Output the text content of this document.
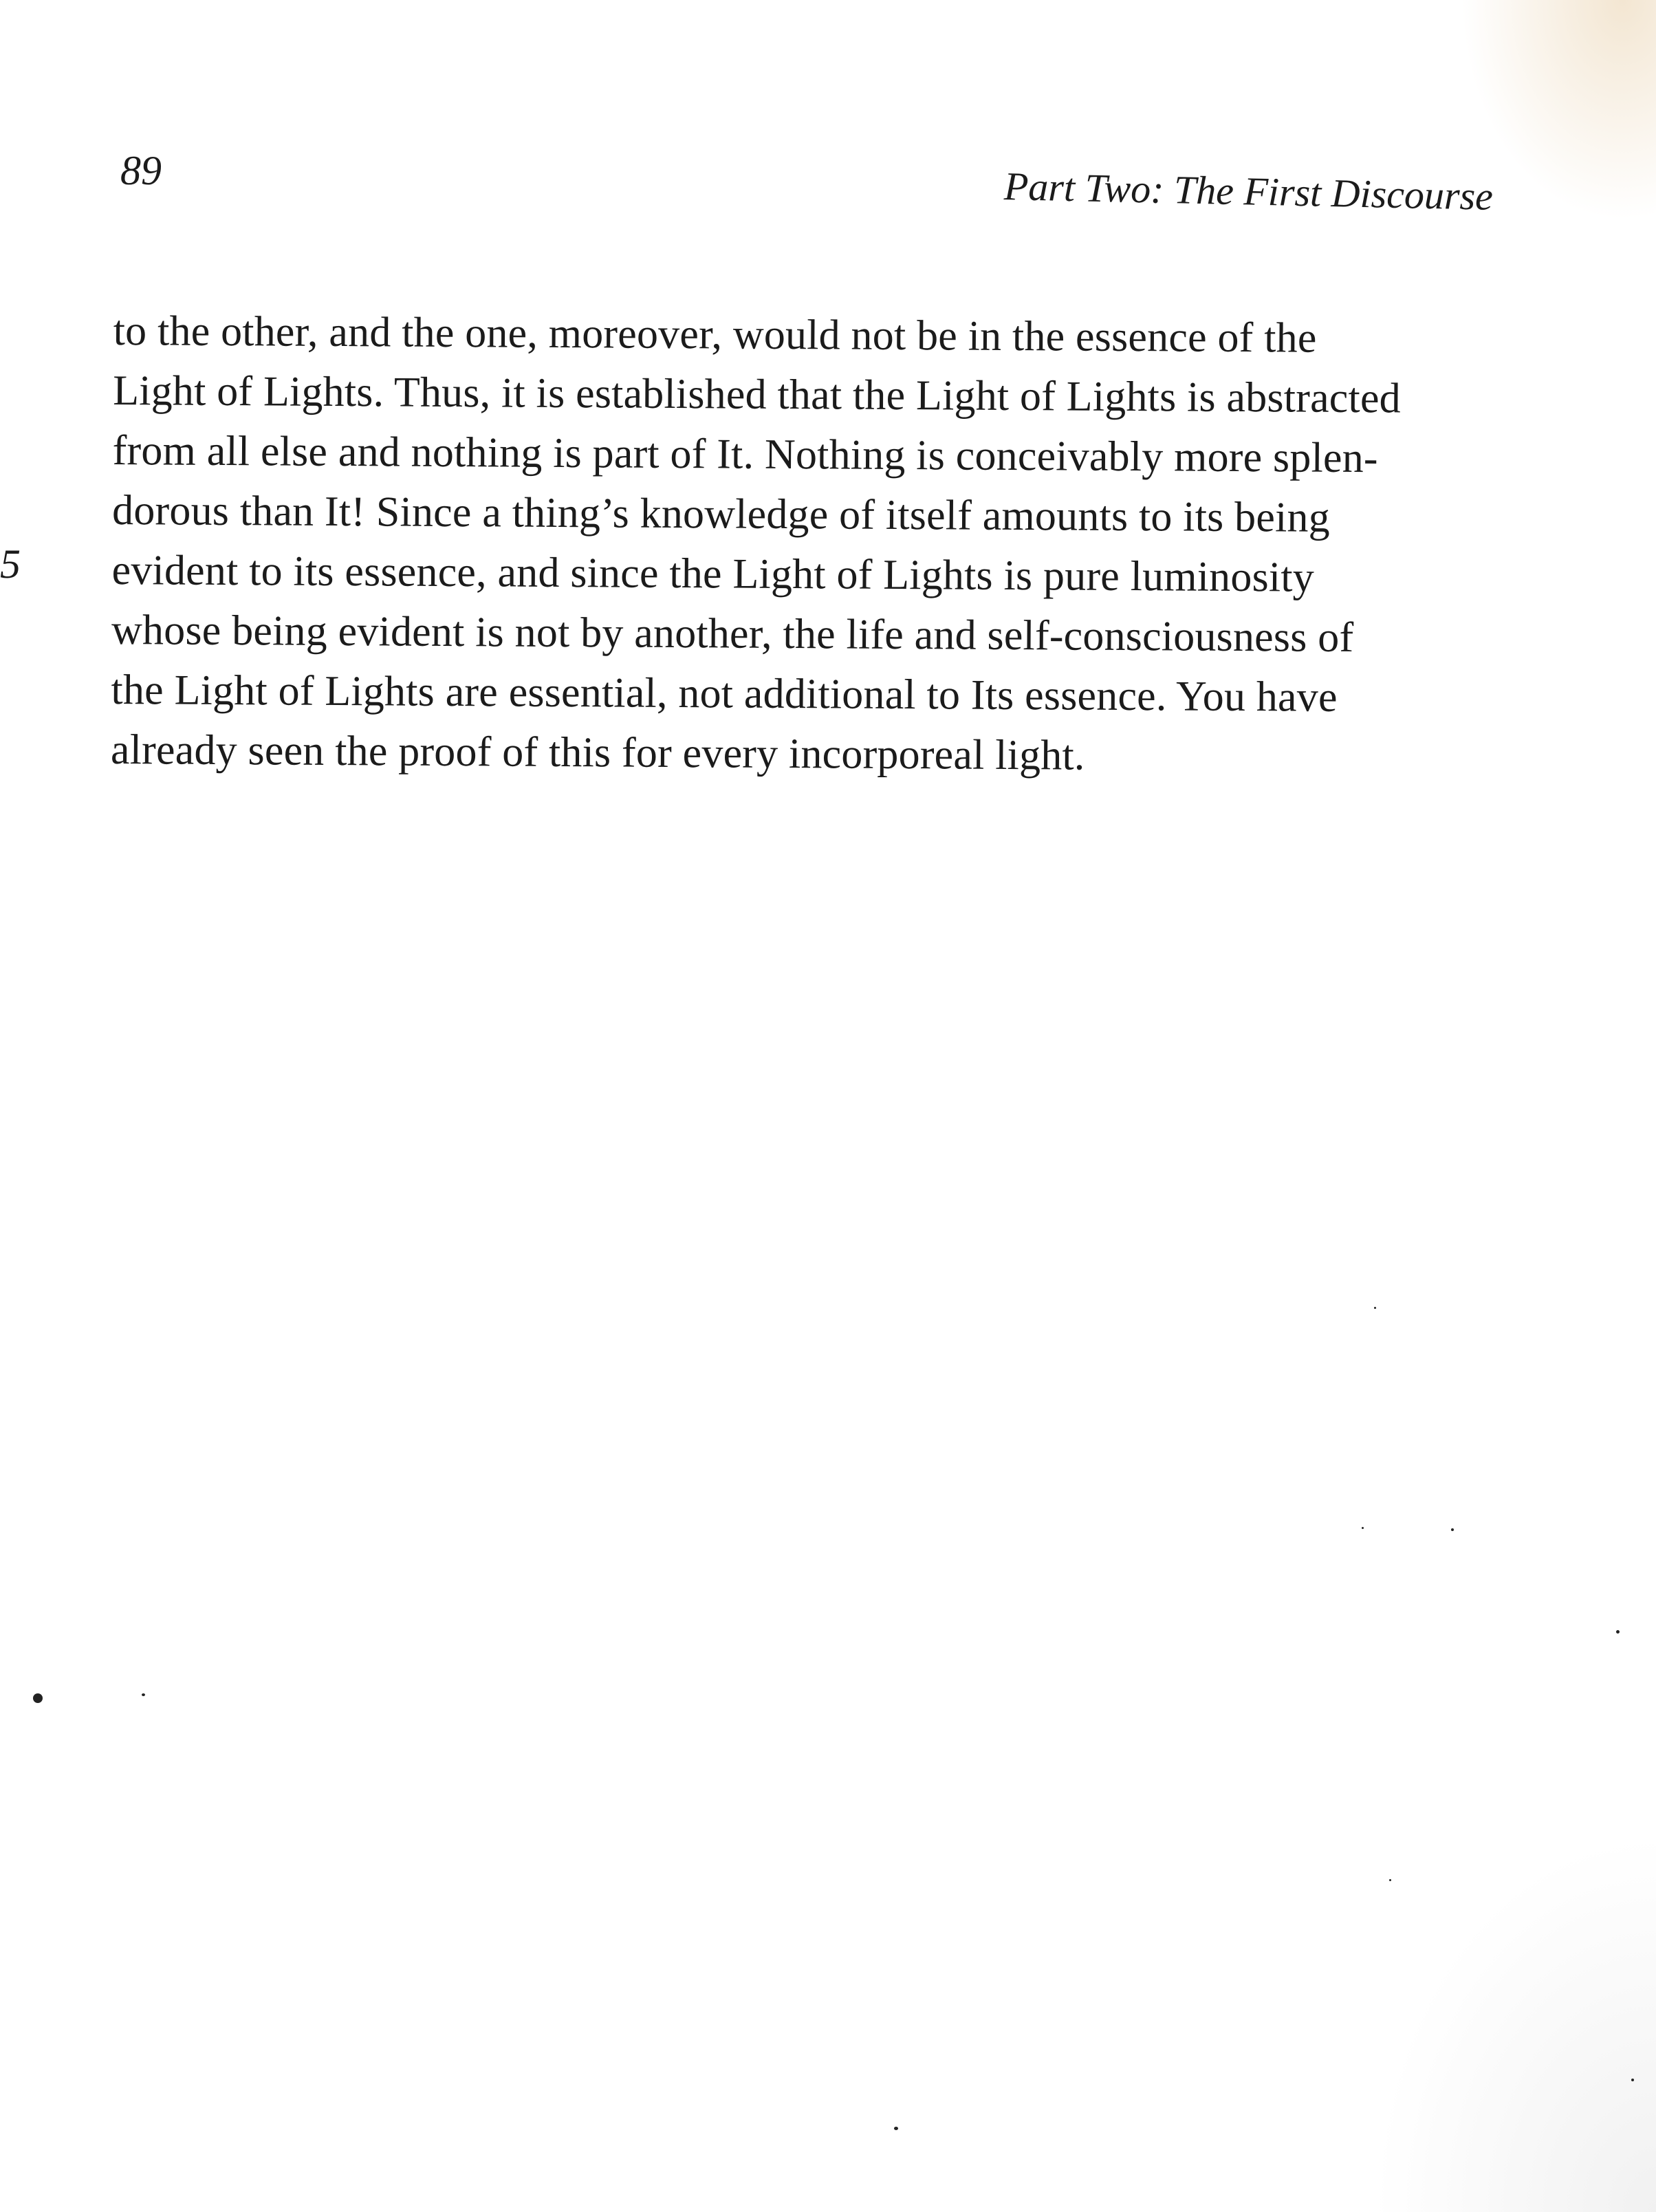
89	Part Two: The First Discourse
5
to the other, and the one, moreover, would not be in the essence of the
Light of Lights. Thus, it is established that the Light of Lights is abstracted
from all else and nothing is part of It. Nothing is conceivably more splen-
dorous than It! Since a thing’s knowledge of itself amounts to its being
evident to its essence, and since the Light of Lights is pure luminosity
whose being evident is not by another, the life and self-consciousness of
the Light of Lights are essential, not additional to Its essence. You have
already seen the proof of this for every incorporeal light.
